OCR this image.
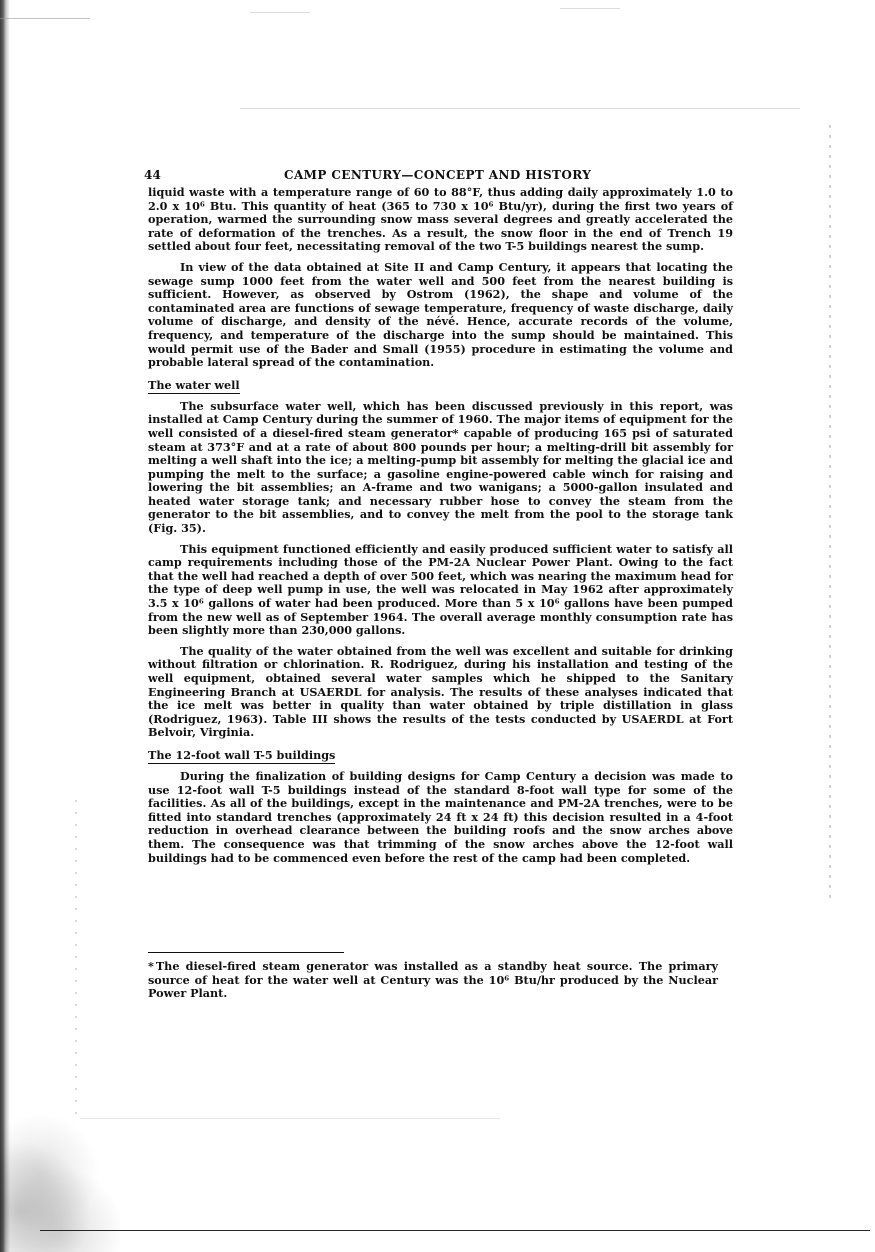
44	CAMP CENTURY—CONCEPT AND HISTORY

liquid waste with a temperature range of 60 to 88°F, thus adding daily approximately 1.0 to 2.0 x 10⁶ Btu. This quantity of heat (365 to 730 x 10⁶ Btu/yr), during the first two years of operation, warmed the surrounding snow mass several degrees and greatly accelerated the rate of deformation of the trenches. As a result, the snow floor in the end of Trench 19 settled about four feet, necessitating removal of the two T-5 buildings nearest the sump.

In view of the data obtained at Site II and Camp Century, it appears that locating the sewage sump 1000 feet from the water well and 500 feet from the nearest building is sufficient. However, as observed by Ostrom (1962), the shape and volume of the contaminated area are functions of sewage temperature, frequency of waste discharge, daily volume of discharge, and density of the névé. Hence, accurate records of the volume, frequency, and temperature of the discharge into the sump should be maintained. This would permit use of the Bader and Small (1955) procedure in estimating the volume and probable lateral spread of the contamination.

The water well

The subsurface water well, which has been discussed previously in this report, was installed at Camp Century during the summer of 1960. The major items of equipment for the well consisted of a diesel-fired steam generator* capable of producing 165 psi of saturated steam at 373°F and at a rate of about 800 pounds per hour; a melting-drill bit assembly for melting a well shaft into the ice; a melting-pump bit assembly for melting the glacial ice and pumping the melt to the surface; a gasoline engine-powered cable winch for raising and lowering the bit assemblies; an A-frame and two wanigans; a 5000-gallon insulated and heated water storage tank; and necessary rubber hose to convey the steam from the generator to the bit assemblies, and to convey the melt from the pool to the storage tank (Fig. 35).

This equipment functioned efficiently and easily produced sufficient water to satisfy all camp requirements including those of the PM-2A Nuclear Power Plant. Owing to the fact that the well had reached a depth of over 500 feet, which was nearing the maximum head for the type of deep well pump in use, the well was relocated in May 1962 after approximately 3.5 x 10⁶ gallons of water had been produced. More than 5 x 10⁶ gallons have been pumped from the new well as of September 1964. The overall average monthly consumption rate has been slightly more than 230,000 gallons.

The quality of the water obtained from the well was excellent and suitable for drinking without filtration or chlorination. R. Rodriguez, during his installation and testing of the well equipment, obtained several water samples which he shipped to the Sanitary Engineering Branch at USAERDL for analysis. The results of these analyses indicated that the ice melt was better in quality than water obtained by triple distillation in glass (Rodriguez, 1963). Table III shows the results of the tests conducted by USAERDL at Fort Belvoir, Virginia.

The 12-foot wall T-5 buildings

During the finalization of building designs for Camp Century a decision was made to use 12-foot wall T-5 buildings instead of the standard 8-foot wall type for some of the facilities. As all of the buildings, except in the maintenance and PM-2A trenches, were to be fitted into standard trenches (approximately 24 ft x 24 ft) this decision resulted in a 4-foot reduction in overhead clearance between the building roofs and the snow arches above them. The consequence was that trimming of the snow arches above the 12-foot wall buildings had to be commenced even before the rest of the camp had been completed.

* The diesel-fired steam generator was installed as a standby heat source. The primary source of heat for the water well at Century was the 10⁶ Btu/hr produced by the Nuclear Power Plant.
